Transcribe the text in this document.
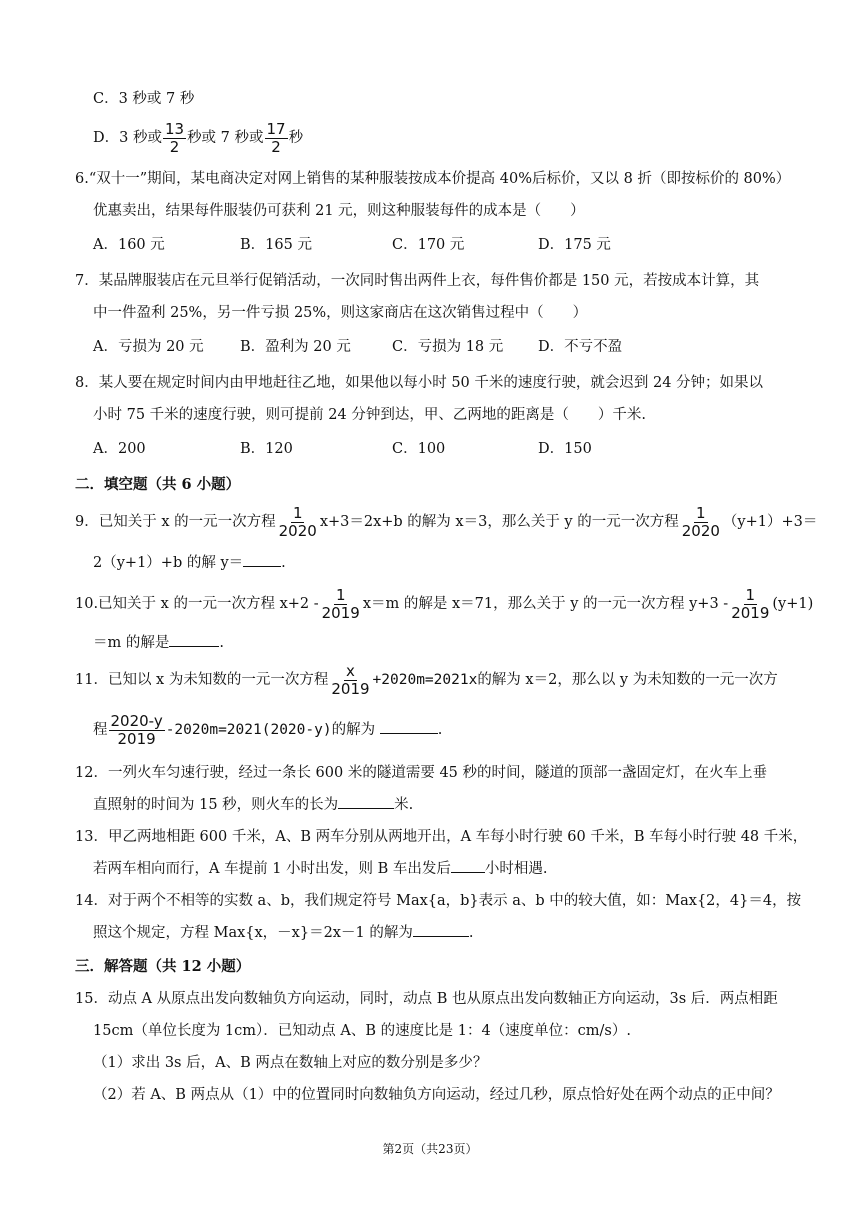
C．3 秒或 7 秒
D．3 秒或 $\frac{13}{2}$ 秒或 7 秒或 $\frac{17}{2}$ 秒
6.“双十一”期间，某电商决定对网上销售的某种服装按成本价提高 40%后标价，又以 8 折（即按标价的 80%）
优惠卖出，结果每件服装仍可获利 21 元，则这种服装每件的成本是（　　）
A．160 元	B．165 元	C．170 元	D．175 元
7．某品牌服装店在元旦举行促销活动，一次同时售出两件上衣，每件售价都是 150 元，若按成本计算，其
中一件盈利 25%，另一件亏损 25%，则这家商店在这次销售过程中（　　）
A．亏损为 20 元	B．盈利为 20 元	C．亏损为 18 元 D．不亏不盈
8．某人要在规定时间内由甲地赶往乙地，如果他以每小时 50 千米的速度行驶，就会迟到 24 分钟；如果以
小时 75 千米的速度行驶，则可提前 24 分钟到达，甲、乙两地的距离是（　　）千米.
A．200	B．120	C．100	D．150
二．填空题（共 6 小题）
9．已知关于 x 的一元一次方程 $\frac{1}{2020} x+3=2x+b$ 的解为 x＝3，那么关于 y 的一元一次方程 $\frac{1}{2020} (y+1)+3=$
2（y+1）+b 的解 y＝	.
10.已知关于 x 的一元一次方程 $x+2 - \frac{1}{2019} x=m$ 的解是 x＝71，那么关于 y 的一元一次方程 $y+3 - \frac{1}{2019} (y+1)$
＝m 的解是	.
11．已知以 x 为未知数的一元一次方程 $\frac{x}{2019} +2020m=2021x$的解为 x＝2，那么以 y 为未知数的一元一次方
程 $\frac{2020-y}{2019} -2020m=2021(2020-y)$的解为	.
12．一列火车匀速行驶，经过一条长 600 米的隧道需要 45 秒的时间，隧道的顶部一盏固定灯，在火车上垂
直照射的时间为 15 秒，则火车的长为	米.
13．甲乙两地相距 600 千米，A、B 两车分别从两地开出，A 车每小时行驶 60 千米，B 车每小时行驶 48 千米，
若两车相向而行，A 车提前 1 小时出发，则 B 车出发后 小时相遇.
14．对于两个不相等的实数 a、b，我们规定符号 Max{a，b}表示 a、b 中的较大值，如：Max{2，4}＝4，按
照这个规定，方程 Max{x，－x}＝2x－1 的解为	.
三．解答题（共 12 小题）
15．动点 A 从原点出发向数轴负方向运动，同时，动点 B 也从原点出发向数轴正方向运动，3s 后．两点相距
15cm（单位长度为 1cm）．已知动点 A、B 的速度比是 1：4（速度单位：cm/s）.
（1）求出 3s 后，A、B 两点在数轴上对应的数分别是多少？
（2）若 A、B 两点从（1）中的位置同时向数轴负方向运动，经过几秒，原点恰好处在两个动点的正中间？
第2页（共23页）
